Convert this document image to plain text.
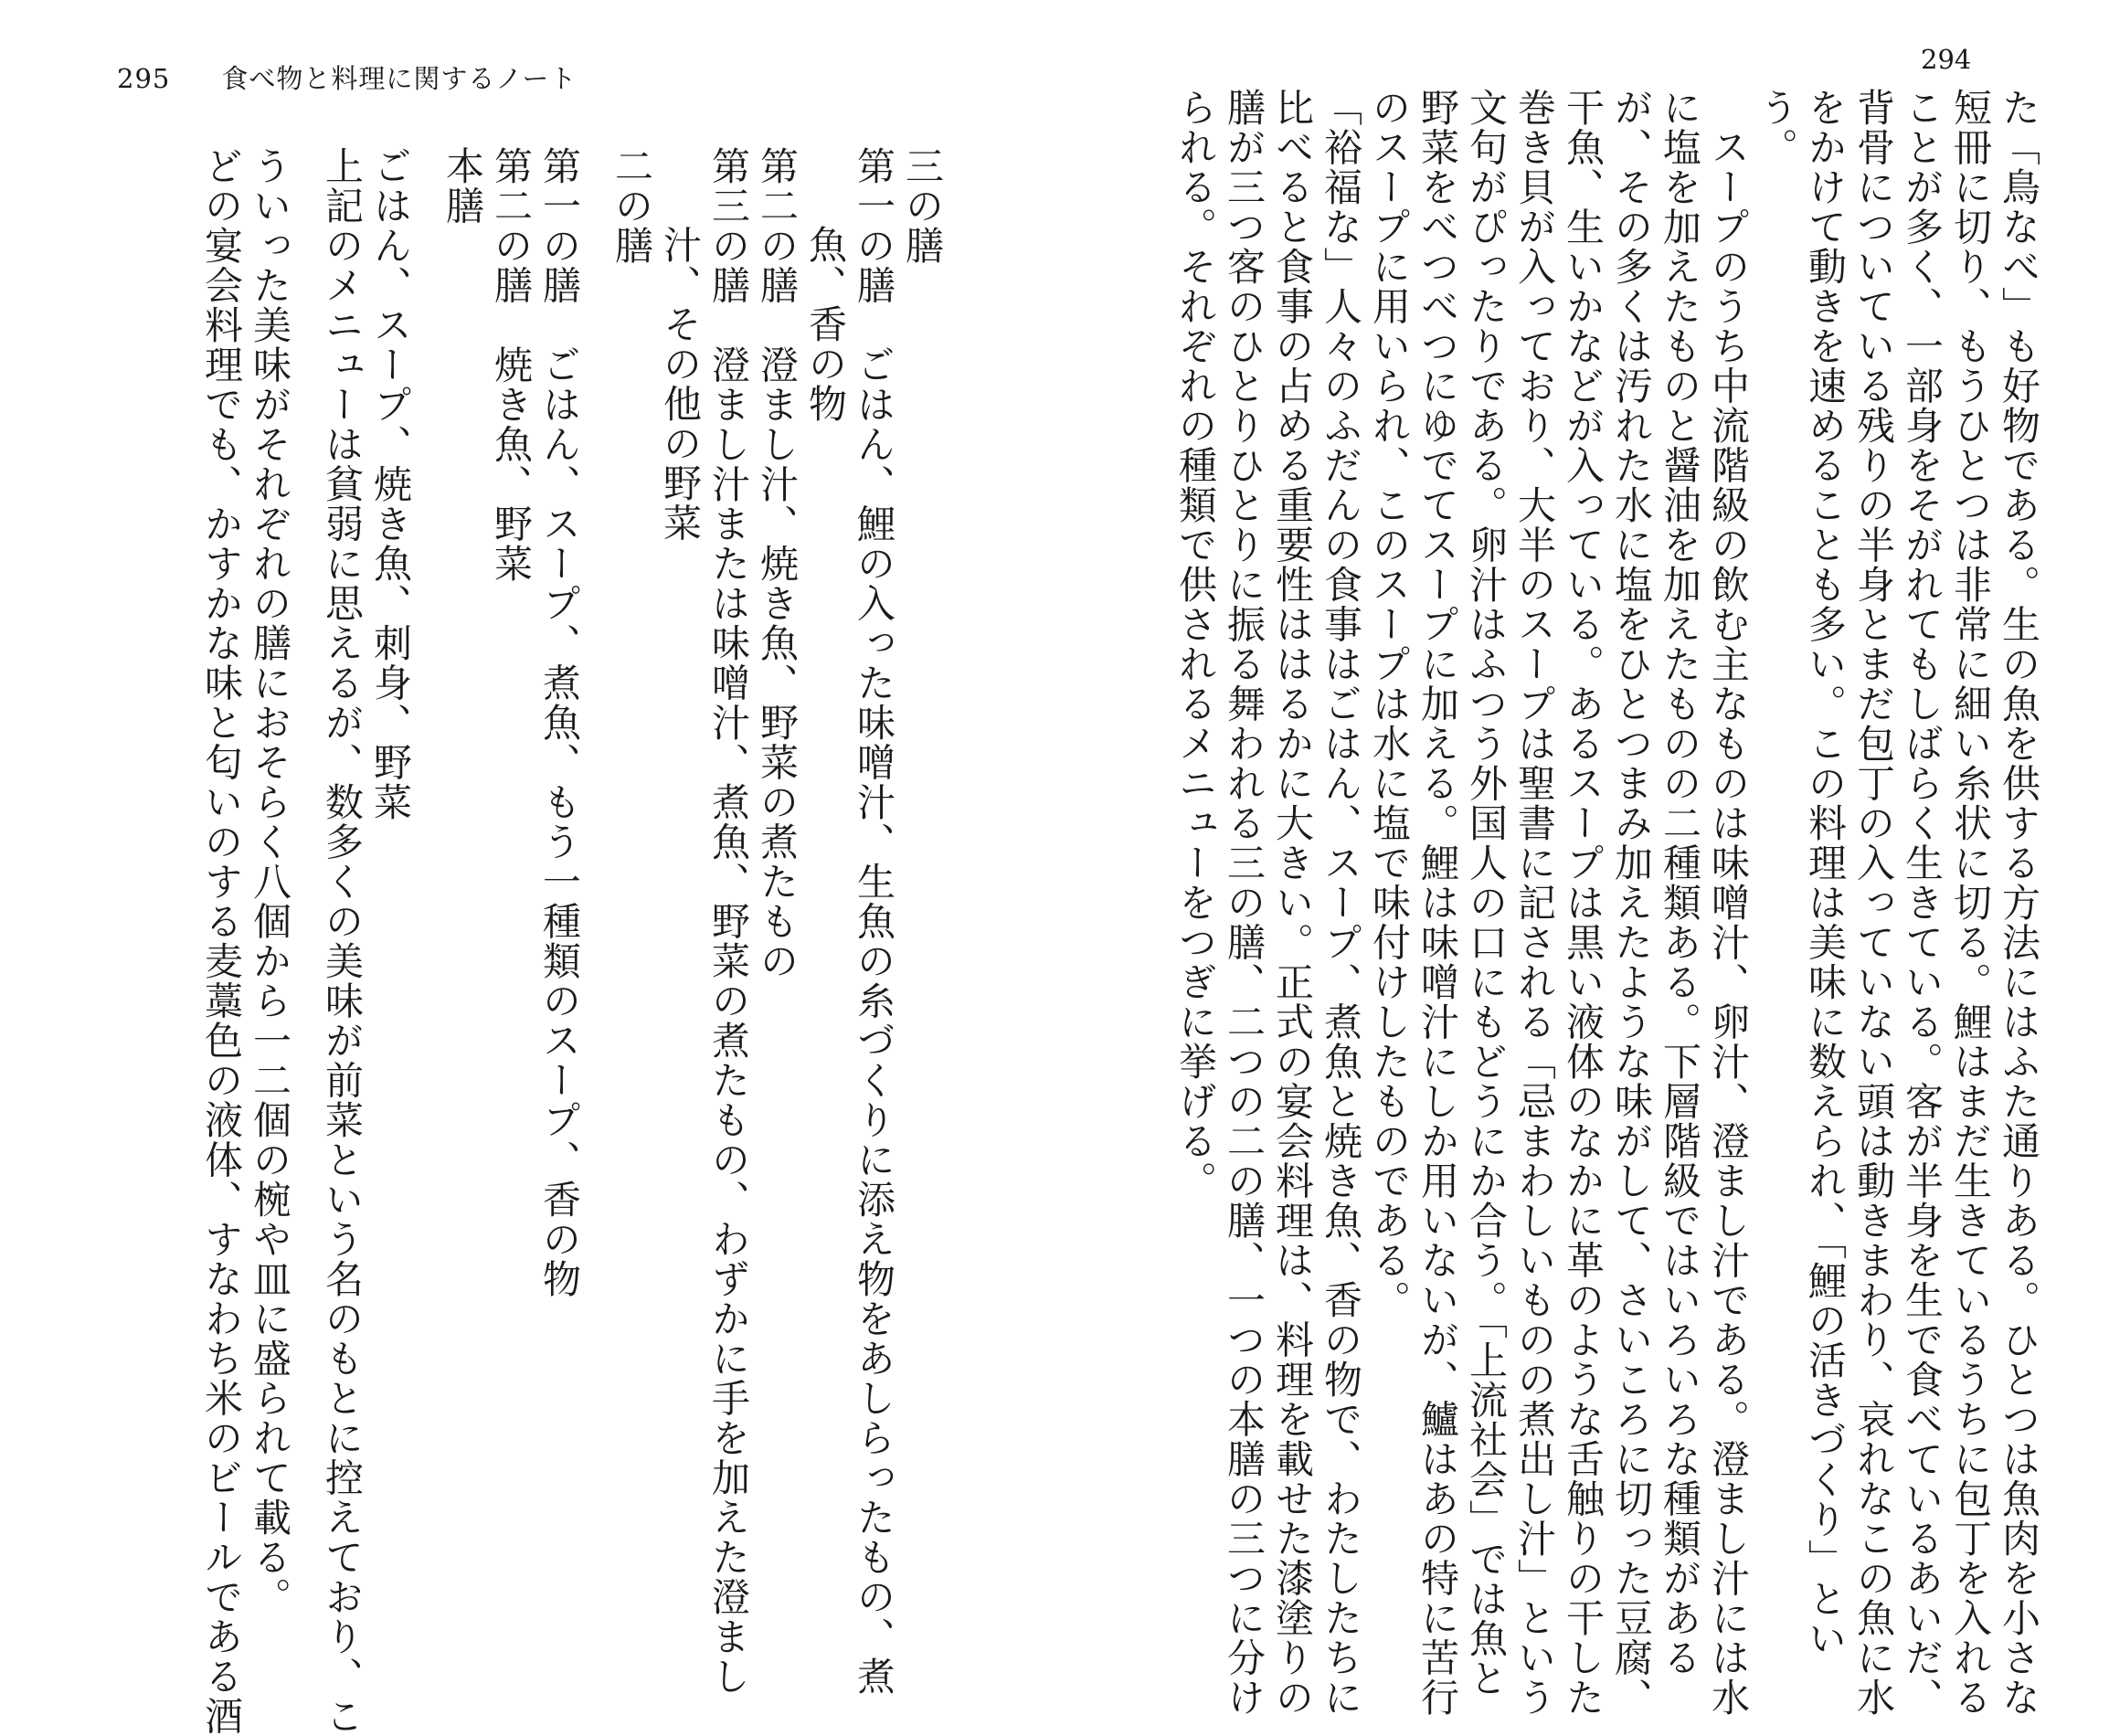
295 食べ物と料理に関するノート
三の膳
第一の膳　ごはん、鯉の入った味噌汁、生魚の糸づくりに添え物をあしらったもの、煮
魚、香の物
第二の膳　澄まし汁、焼き魚、野菜の煮たもの
第三の膳　澄まし汁または味噌汁、煮魚、野菜の煮たもの、わずかに手を加えた澄まし
汁、その他の野菜
二の膳
第一の膳　ごはん、スープ、煮魚、もう一種類のスープ、香の物
第二の膳　焼き魚、野菜
本膳
ごはん、スープ、焼き魚、刺身、野菜
上記のメニューは貧弱に思えるが、数多くの美味が前菜という名のもとに控えており、こ
ういった美味がそれぞれの膳におそらく八個から一二個の椀や皿に盛られて載る。
どの宴会料理でも、かすかな味と匂いのする麦藁色の液体、すなわち米のビールである酒
294
た「鳥なべ」も好物である。生の魚を供する方法にはふた通りある。ひとつは魚肉を小さな
短冊に切り、もうひとつは非常に細い糸状に切る。鯉はまだ生きているうちに包丁を入れる
ことが多く、一部身をそがれてもしばらく生きている。客が半身を生で食べているあいだ、
背骨についている残りの半身とまだ包丁の入っていない頭は動きまわり、哀れなこの魚に水
をかけて動きを速めることも多い。この料理は美味に数えられ、「鯉の活きづくり」とい
う。
　スープのうち中流階級の飲む主なものは味噌汁、卵汁、澄まし汁である。澄まし汁には水
に塩を加えたものと醤油を加えたものの二種類ある。下層階級ではいろいろな種類がある
が、その多くは汚れた水に塩をひとつまみ加えたような味がして、さいころに切った豆腐、
干魚、生いかなどが入っている。あるスープは黒い液体のなかに革のような舌触りの干した
巻き貝が入っており、大半のスープは聖書に記される「忌まわしいものの煮出し汁」という
文句がぴったりである。卵汁はふつう外国人の口にもどうにか合う。「上流社会」では魚と
野菜をべつべつにゆでてスープに加える。鯉は味噌汁にしか用いないが、鱸はあの特に苦行
のスープに用いられ、このスープは水に塩で味付けしたものである。
「裕福な」人々のふだんの食事はごはん、スープ、煮魚と焼き魚、香の物で、わたしたちに
比べると食事の占める重要性ははるかに大きい。正式の宴会料理は、料理を載せた漆塗りの
膳が三つ客のひとりひとりに振る舞われる三の膳、二つの二の膳、一つの本膳の三つに分け
られる。それぞれの種類で供されるメニューをつぎに挙げる。
